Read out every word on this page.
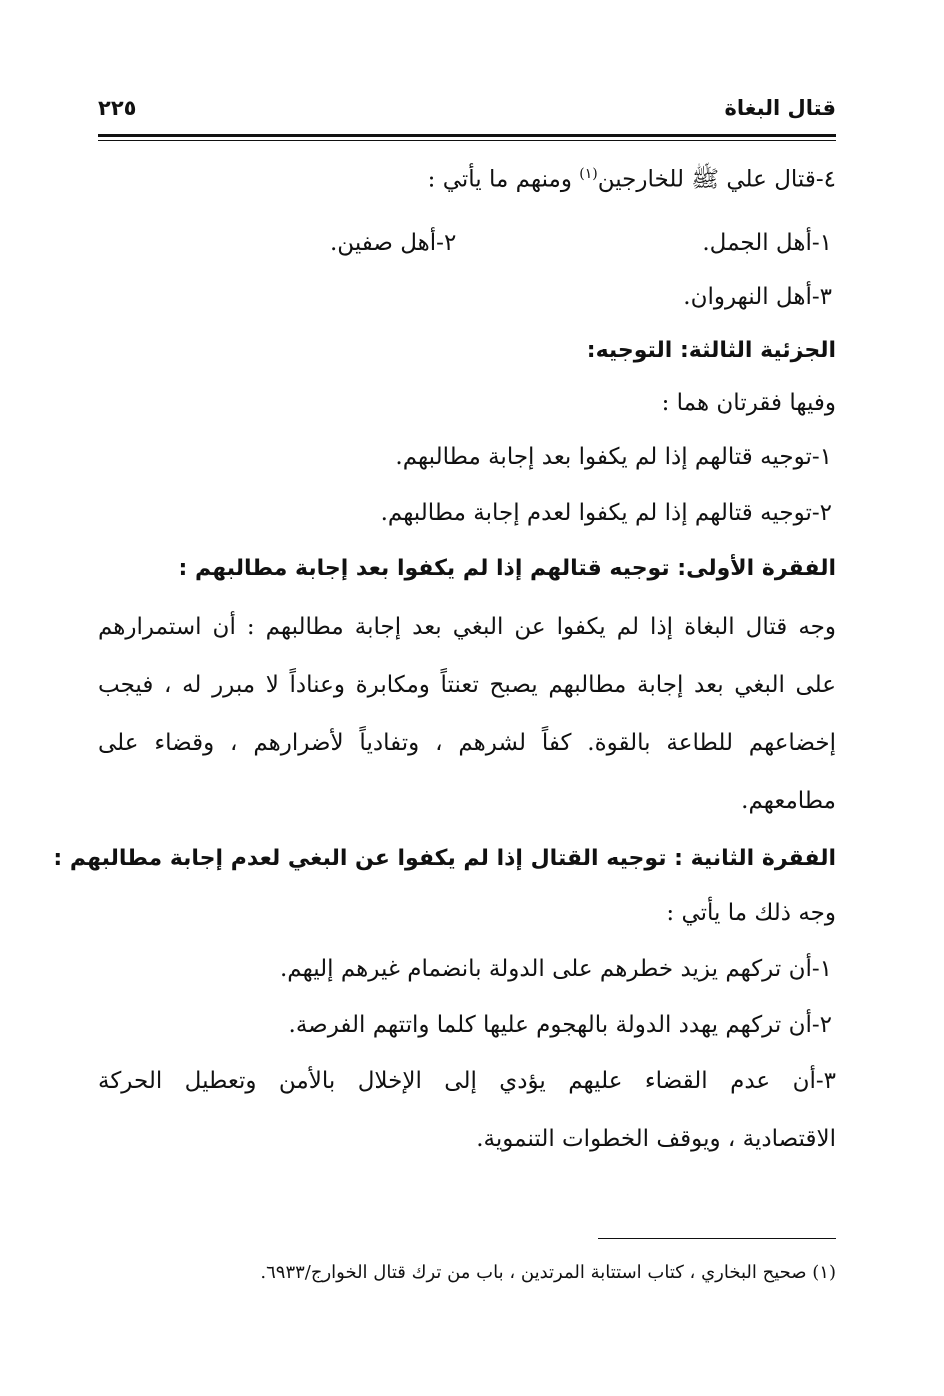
قتال البغاة
٢٢٥
٤-قتال علي ﷺ للخارجين$^{(١)}$ ومنهم ما يأتي :
١-أهل الجمل.
٢-أهل صفين.
٣-أهل النهروان.
الجزئية الثالثة: التوجيه:
وفيها فقرتان هما :
١-توجيه قتالهم إذا لم يكفوا بعد إجابة مطالبهم.
٢-توجيه قتالهم إذا لم يكفوا لعدم إجابة مطالبهم.
الفقرة الأولى: توجيه قتالهم إذا لم يكفوا بعد إجابة مطالبهم :
وجه قتال البغاة إذا لم يكفوا عن البغي بعد إجابة مطالبهم : أن استمرارهم
على البغي بعد إجابة مطالبهم يصبح تعنتاً ومكابرة وعناداً لا مبرر له ، فيجب
إخضاعهم للطاعة بالقوة. كفاً لشرهم ، وتفادياً لأضرارهم ، وقضاء على
مطامعهم.
الفقرة الثانية : توجيه القتال إذا لم يكفوا عن البغي لعدم إجابة مطالبهم :
وجه ذلك ما يأتي :
١-أن تركهم يزيد خطرهم على الدولة بانضمام غيرهم إليهم.
٢-أن تركهم يهدد الدولة بالهجوم عليها كلما واتتهم الفرصة.
٣-أن عدم القضاء عليهم يؤدي إلى الإخلال بالأمن وتعطيل الحركة
الاقتصادية ، ويوقف الخطوات التنموية.
(١) صحيح البخاري ، كتاب استتابة المرتدين ، باب من ترك قتال الخوارج/٦٩٣٣.
